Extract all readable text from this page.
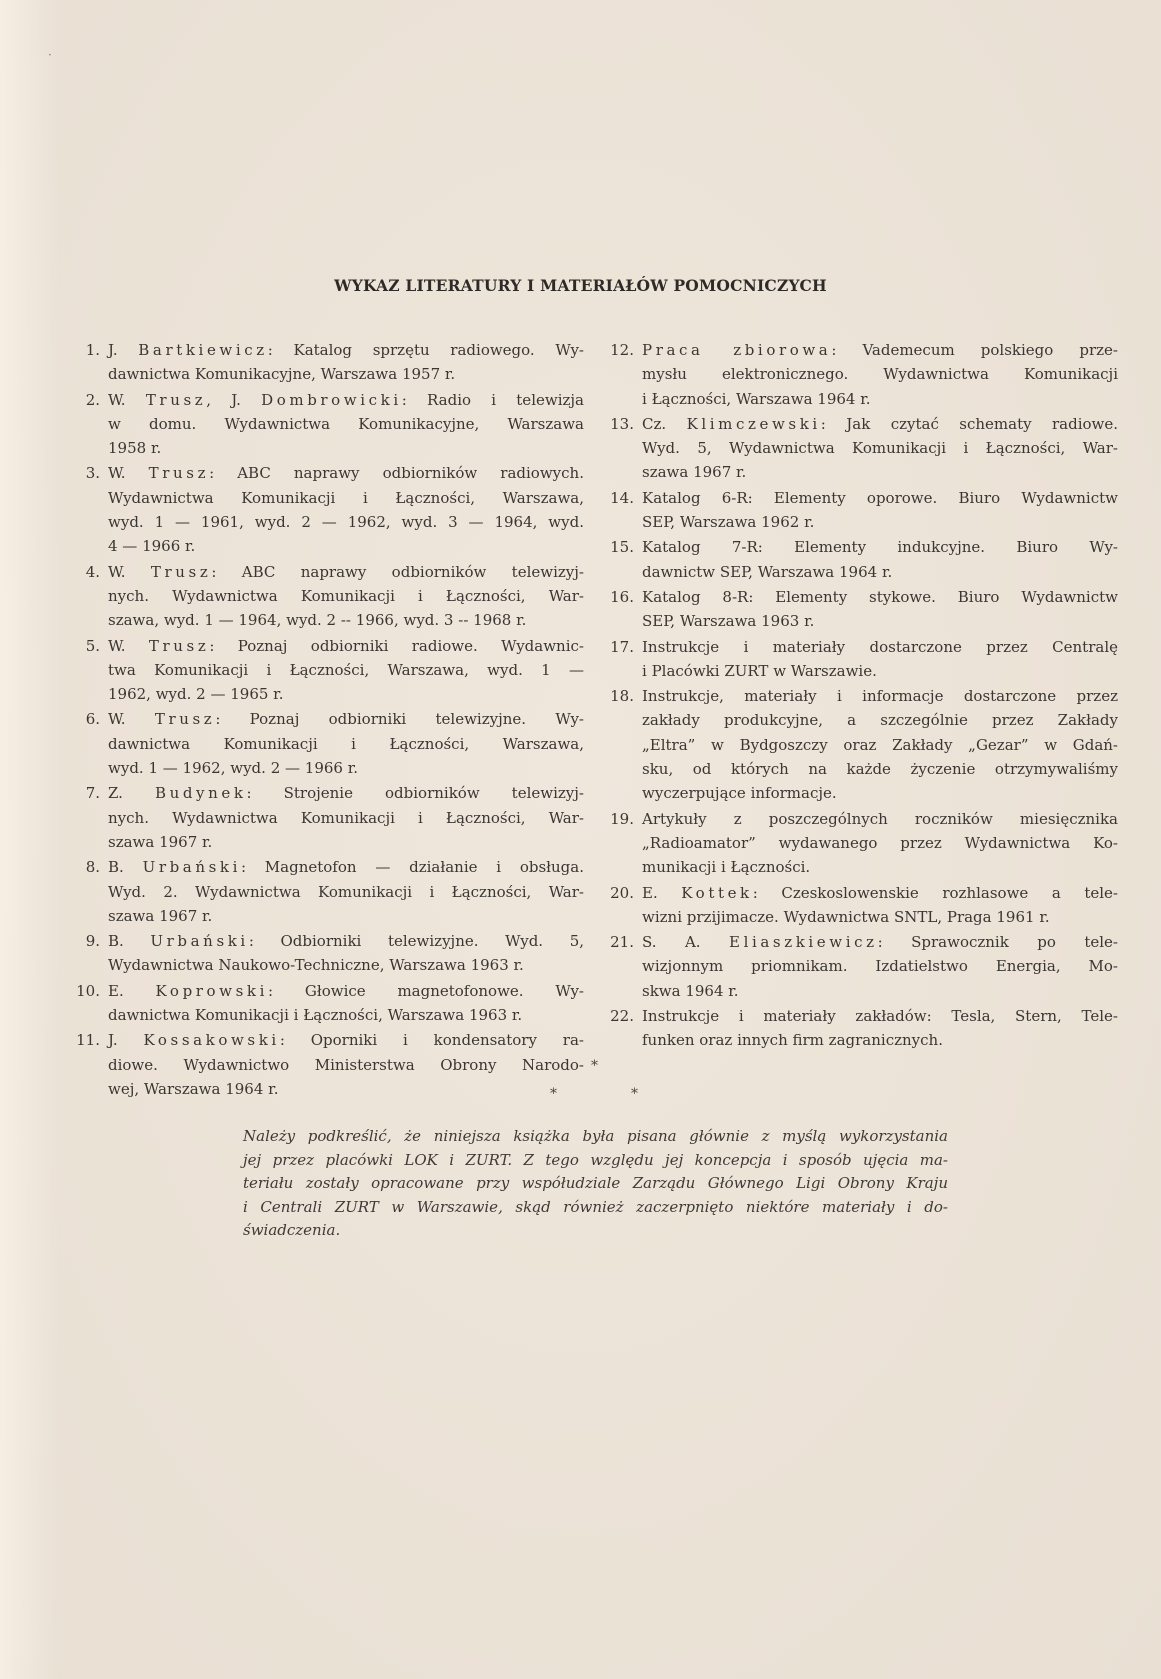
WYKAZ LITERATURY I MATERIAŁÓW POMOCNICZYCH
1. J. Bartkiewicz: Katalog sprzętu radiowego. Wy-
dawnictwa Komunikacyjne, Warszawa 1957 r.
2. W. Trusz, J. Dombrowicki: Radio i telewizja
w domu. Wydawnictwa Komunikacyjne, Warszawa
1958 r.
3. W. Trusz: ABC naprawy odbiorników radiowych.
Wydawnictwa Komunikacji i Łączności, Warszawa,
wyd. 1 — 1961, wyd. 2 — 1962, wyd. 3 — 1964, wyd.
4 — 1966 r.
4. W. Trusz: ABC naprawy odbiorników telewizyj-
nych. Wydawnictwa Komunikacji i Łączności, War-
szawa, wyd. 1 — 1964, wyd. 2 -- 1966, wyd. 3 -- 1968 r.
5. W. Trusz: Poznaj odbiorniki radiowe. Wydawnic-
twa Komunikacji i Łączności, Warszawa, wyd. 1 —
1962, wyd. 2 — 1965 r.
6. W. Trusz: Poznaj odbiorniki telewizyjne. Wy-
dawnictwa Komunikacji i Łączności, Warszawa,
wyd. 1 — 1962, wyd. 2 — 1966 r.
7. Z. Budynek: Strojenie odbiorników telewizyj-
nych. Wydawnictwa Komunikacji i Łączności, War-
szawa 1967 r.
8. B. Urbański: Magnetofon — działanie i obsługa.
Wyd. 2. Wydawnictwa Komunikacji i Łączności, War-
szawa 1967 r.
9. B. Urbański: Odbiorniki telewizyjne. Wyd. 5,
Wydawnictwa Naukowo-Techniczne, Warszawa 1963 r.
10. E. Koprowski: Głowice magnetofonowe. Wy-
dawnictwa Komunikacji i Łączności, Warszawa 1963 r.
11. J. Kossakowski: Oporniki i kondensatory ra-
diowe. Wydawnictwo Ministerstwa Obrony Narodo-
wej, Warszawa 1964 r.
12. Praca zbiorowa: Vademecum polskiego prze-
mysłu elektronicznego. Wydawnictwa Komunikacji
i Łączności, Warszawa 1964 r.
13. Cz. Klimczewski: Jak czytać schematy radiowe.
Wyd. 5, Wydawnictwa Komunikacji i Łączności, War-
szawa 1967 r.
14. Katalog 6-R: Elementy oporowe. Biuro Wydawnictw
SEP, Warszawa 1962 r.
15. Katalog 7-R: Elementy indukcyjne. Biuro Wy-
dawnictw SEP, Warszawa 1964 r.
16. Katalog 8-R: Elementy stykowe. Biuro Wydawnictw
SEP, Warszawa 1963 r.
17. Instrukcje i materiały dostarczone przez Centralę
i Placówki ZURT w Warszawie.
18. Instrukcje, materiały i informacje dostarczone przez
zakłady produkcyjne, a szczególnie przez Zakłady
„Eltra” w Bydgoszczy oraz Zakłady „Gezar” w Gdań-
sku, od których na każde życzenie otrzymywaliśmy
wyczerpujące informacje.
19. Artykuły z poszczególnych roczników miesięcznika
„Radioamator” wydawanego przez Wydawnictwa Ko-
munikacji i Łączności.
20. E. Kottek: Czeskoslowenskie rozhlasowe a tele-
wizni przijimacze. Wydawnictwa SNTL, Praga 1961 r.
21. S. A. Eliaszkiewicz: Sprawocznik po tele-
wizjonnym priomnikam. Izdatielstwo Energia, Mo-
skwa 1964 r.
22. Instrukcje i materiały zakładów: Tesla, Stern, Tele-
funken oraz innych firm zagranicznych.
*
*	*
Należy podkreślić, że niniejsza książka była pisana głównie z myślą wykorzystania
jej przez placówki LOK i ZURT. Z tego względu jej koncepcja i sposób ujęcia ma-
teriału zostały opracowane przy współudziale Zarządu Głównego Ligi Obrony Kraju
i Centrali ZURT w Warszawie, skąd również zaczerpnięto niektóre materiały i do-
świadczenia.
·
